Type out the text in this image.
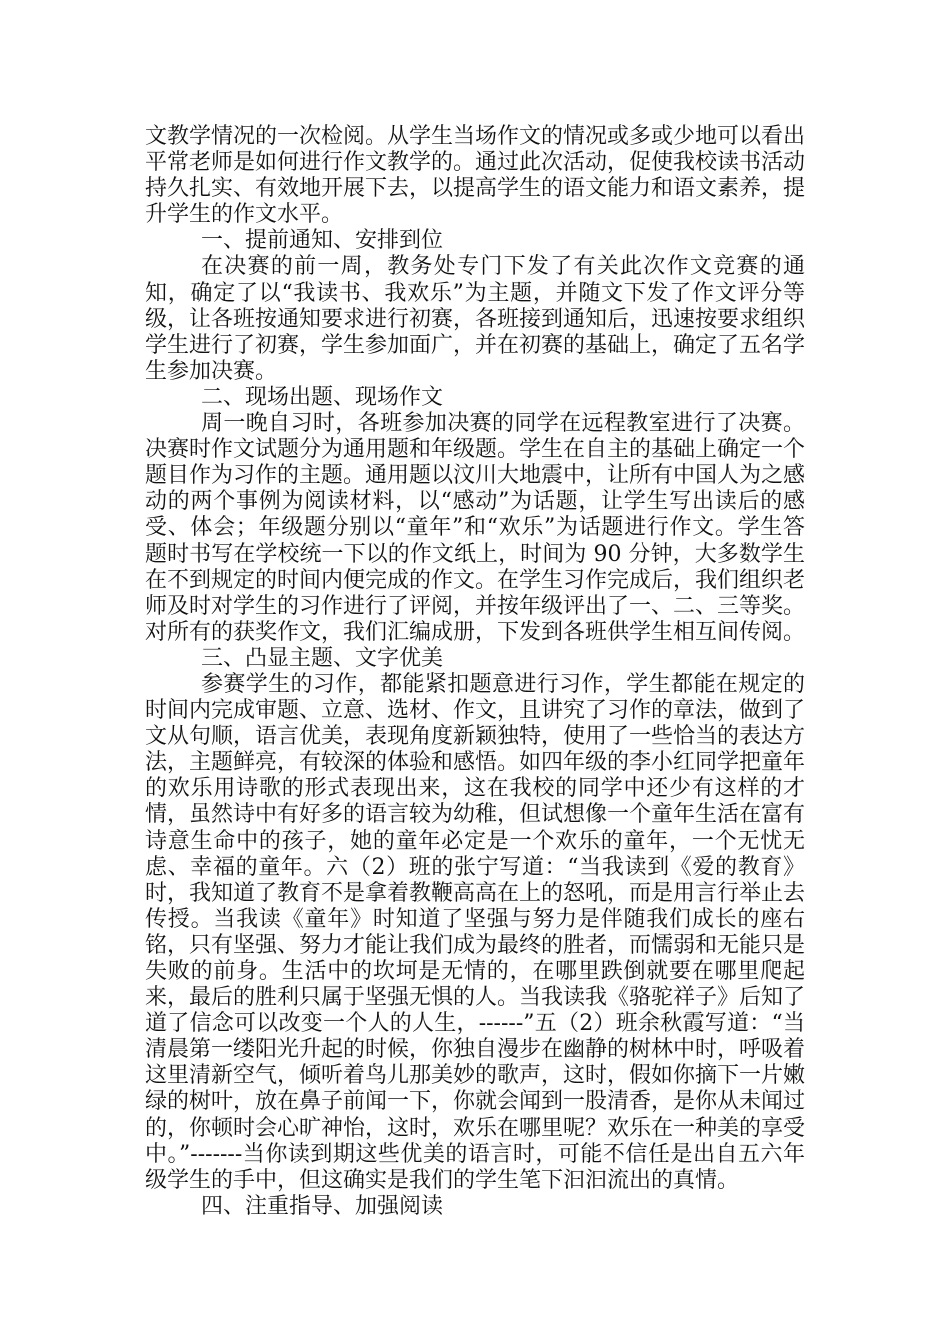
文教学情况的一次检阅。从学生当场作文的情况或多或少地可以看出平常老师是如何进行作文教学的。通过此次活动，促使我校读书活动持久扎实、有效地开展下去，以提高学生的语文能力和语文素养，提升学生的作文水平。

一、提前通知、安排到位

在决赛的前一周，教务处专门下发了有关此次作文竞赛的通知，确定了以“我读书、我欢乐”为主题，并随文下发了作文评分等级，让各班按通知要求进行初赛，各班接到通知后，迅速按要求组织学生进行了初赛，学生参加面广，并在初赛的基础上，确定了五名学生参加决赛。

二、现场出题、现场作文

周一晚自习时，各班参加决赛的同学在远程教室进行了决赛。决赛时作文试题分为通用题和年级题。学生在自主的基础上确定一个题目作为习作的主题。通用题以汶川大地震中，让所有中国人为之感动的两个事例为阅读材料，以“感动”为话题，让学生写出读后的感受、体会；年级题分别以“童年”和“欢乐”为话题进行作文。学生答题时书写在学校统一下以的作文纸上，时间为 90 分钟，大多数学生在不到规定的时间内便完成的作文。在学生习作完成后，我们组织老师及时对学生的习作进行了评阅，并按年级评出了一、二、三等奖。对所有的获奖作文，我们汇编成册，下发到各班供学生相互间传阅。

三、凸显主题、文字优美

参赛学生的习作，都能紧扣题意进行习作，学生都能在规定的时间内完成审题、立意、选材、作文，且讲究了习作的章法，做到了文从句顺，语言优美，表现角度新颖独特，使用了一些恰当的表达方法，主题鲜亮，有较深的体验和感悟。如四年级的李小红同学把童年的欢乐用诗歌的形式表现出来，这在我校的同学中还少有这样的才情，虽然诗中有好多的语言较为幼稚，但试想像一个童年生活在富有诗意生命中的孩子，她的童年必定是一个欢乐的童年，一个无忧无虑、幸福的童年。六（2）班的张宁写道：“当我读到《爱的教育》时，我知道了教育不是拿着教鞭高高在上的怒吼，而是用言行举止去传授。当我读《童年》时知道了坚强与努力是伴随我们成长的座右铭，只有坚强、努力才能让我们成为最终的胜者，而懦弱和无能只是失败的前身。生活中的坎坷是无情的，在哪里跌倒就要在哪里爬起来，最后的胜利只属于坚强无惧的人。当我读我《骆驼祥子》后知了道了信念可以改变一个人的人生，------”五（2）班余秋霞写道：“当清晨第一缕阳光升起的时候，你独自漫步在幽静的树林中时，呼吸着这里清新空气，倾听着鸟儿那美妙的歌声，这时，假如你摘下一片嫩绿的树叶，放在鼻子前闻一下，你就会闻到一股清香，是你从未闻过的，你顿时会心旷神怡，这时，欢乐在哪里呢？欢乐在一种美的享受中。”-------当你读到期这些优美的语言时，可能不信任是出自五六年级学生的手中，但这确实是我们的学生笔下汩汩流出的真情。

四、注重指导、加强阅读
